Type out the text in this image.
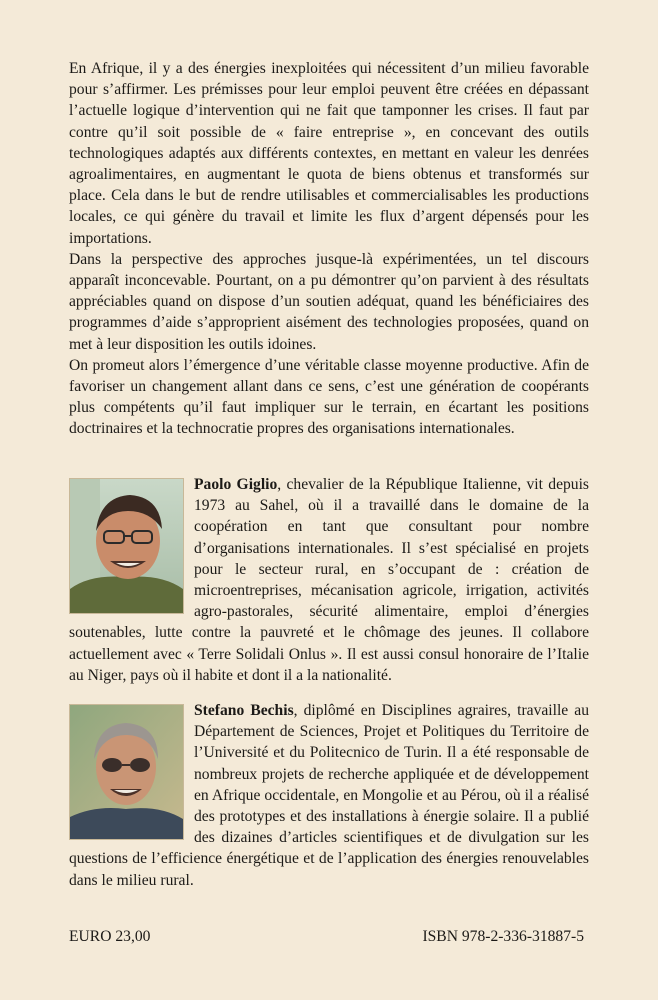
En Afrique, il y a des énergies inexploitées qui nécessitent d’un milieu favorable pour s’affirmer. Les prémisses pour leur emploi peuvent être créées en dépassant l’actuelle logique d’intervention qui ne fait que tamponner les crises. Il faut par contre qu’il soit possible de « faire entreprise », en concevant des outils technologiques adaptés aux différents contextes, en mettant en valeur les denrées agroalimentaires, en augmentant le quota de biens obtenus et transformés sur place. Cela dans le but de rendre utilisables et commercialisables les productions locales, ce qui génère du travail et limite les flux d’argent dépensés pour les importations.

Dans la perspective des approches jusque-là expérimentées, un tel discours apparaît inconcevable. Pourtant, on a pu démontrer qu’on parvient à des résultats appréciables quand on dispose d’un soutien adéquat, quand les bénéficiaires des programmes d’aide s’approprient aisément des technologies proposées, quand on met à leur disposition les outils idoines.

On promeut alors l’émergence d’une véritable classe moyenne productive. Afin de favoriser un changement allant dans ce sens, c’est une génération de coopérants plus compétents qu’il faut impliquer sur le terrain, en écartant les positions doctrinaires et la technocratie propres des organisations internationales.

Paolo Giglio, chevalier de la République Italienne, vit depuis 1973 au Sahel, où il a travaillé dans le domaine de la coopération en tant que consultant pour nombre d’organisations internationales. Il s’est spécialisé en projets pour le secteur rural, en s’occupant de : création de microentreprises, mécanisation agricole, irrigation, activités agro-pastorales, sécurité alimentaire, emploi d’énergies soutenables, lutte contre la pauvreté et le chômage des jeunes. Il collabore actuellement avec « Terre Solidali Onlus ». Il est aussi consul honoraire de l’Italie au Niger, pays où il habite et dont il a la nationalité.
Stefano Bechis, diplômé en Disciplines agraires, travaille au Département de Sciences, Projet et Politiques du Territoire de l’Université et du Politecnico de Turin. Il a été responsable de nombreux projets de recherche appliquée et de développement en Afrique occidentale, en Mongolie et au Pérou, où il a réalisé des prototypes et des installations à énergie solaire. Il a publié des dizaines d’articles scientifiques et de divulgation sur les questions de l’efficience énergétique et de l’application des énergies renouvelables dans le milieu rural.
EURO 23,00	ISBN 978-2-336-31887-5
